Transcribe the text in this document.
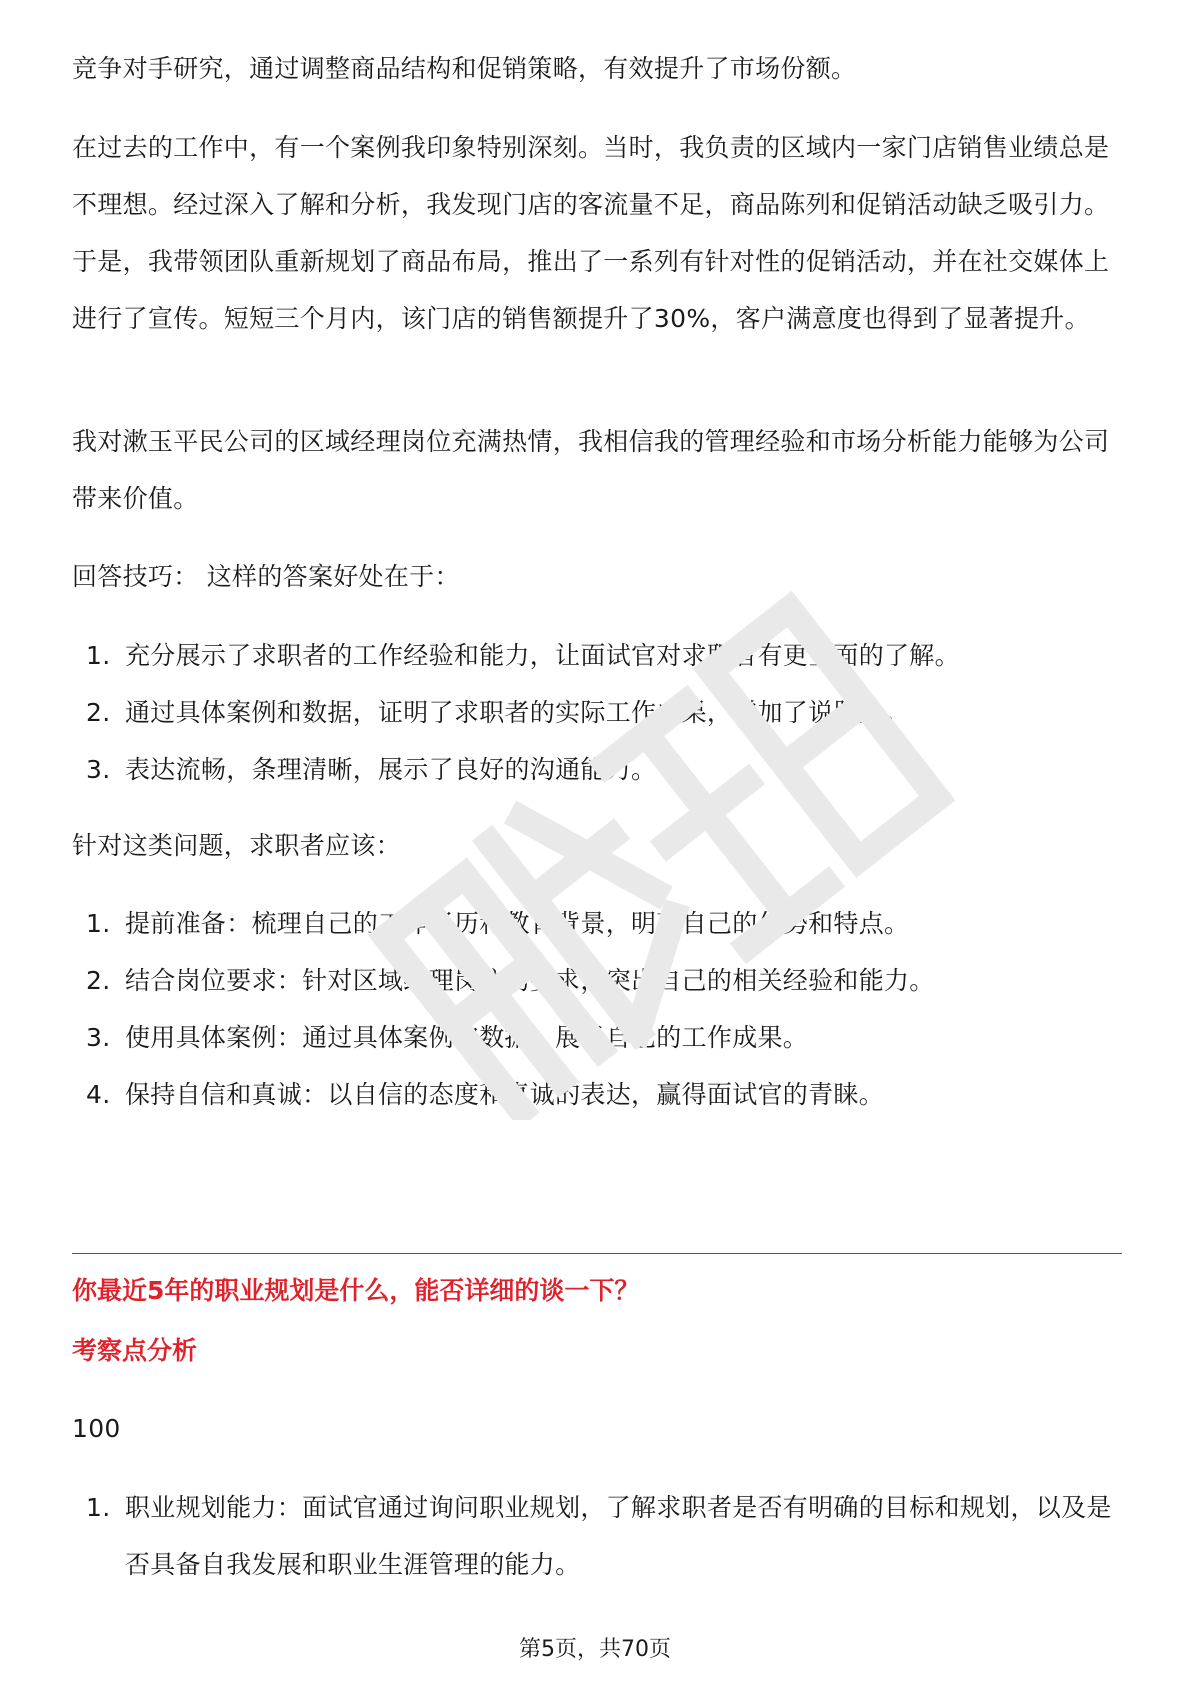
竞争对手研究，通过调整商品结构和促销策略，有效提升了市场份额。

在过去的工作中，有一个案例我印象特别深刻。当时，我负责的区域内一家门店销售业绩总是不理想。经过深入了解和分析，我发现门店的客流量不足，商品陈列和促销活动缺乏吸引力。于是，我带领团队重新规划了商品布局，推出了一系列有针对性的促销活动，并在社交媒体上进行了宣传。短短三个月内，该门店的销售额提升了30%，客户满意度也得到了显著提升。

我对漱玉平民公司的区域经理岗位充满热情，我相信我的管理经验和市场分析能力能够为公司带来价值。

回答技巧： 这样的答案好处在于：

1. 充分展示了求职者的工作经验和能力，让面试官对求职者有更全面的了解。
2. 通过具体案例和数据，证明了求职者的实际工作成果，增加了说服力。
3. 表达流畅，条理清晰，展示了良好的沟通能力。

针对这类问题，求职者应该：

1. 提前准备：梳理自己的工作经历和教育背景，明确自己的优势和特点。
2. 结合岗位要求：针对区域经理岗位的要求，突出自己的相关经验和能力。
3. 使用具体案例：通过具体案例和数据，展示自己的工作成果。
4. 保持自信和真诚：以自信的态度和真诚的表达，赢得面试官的青睐。
你最近5年的职业规划是什么，能否详细的谈一下？
考察点分析

100

1. 职业规划能力：面试官通过询问职业规划，了解求职者是否有明确的目标和规划，以及是否具备自我发展和职业生涯管理的能力。
第5页，共70页
